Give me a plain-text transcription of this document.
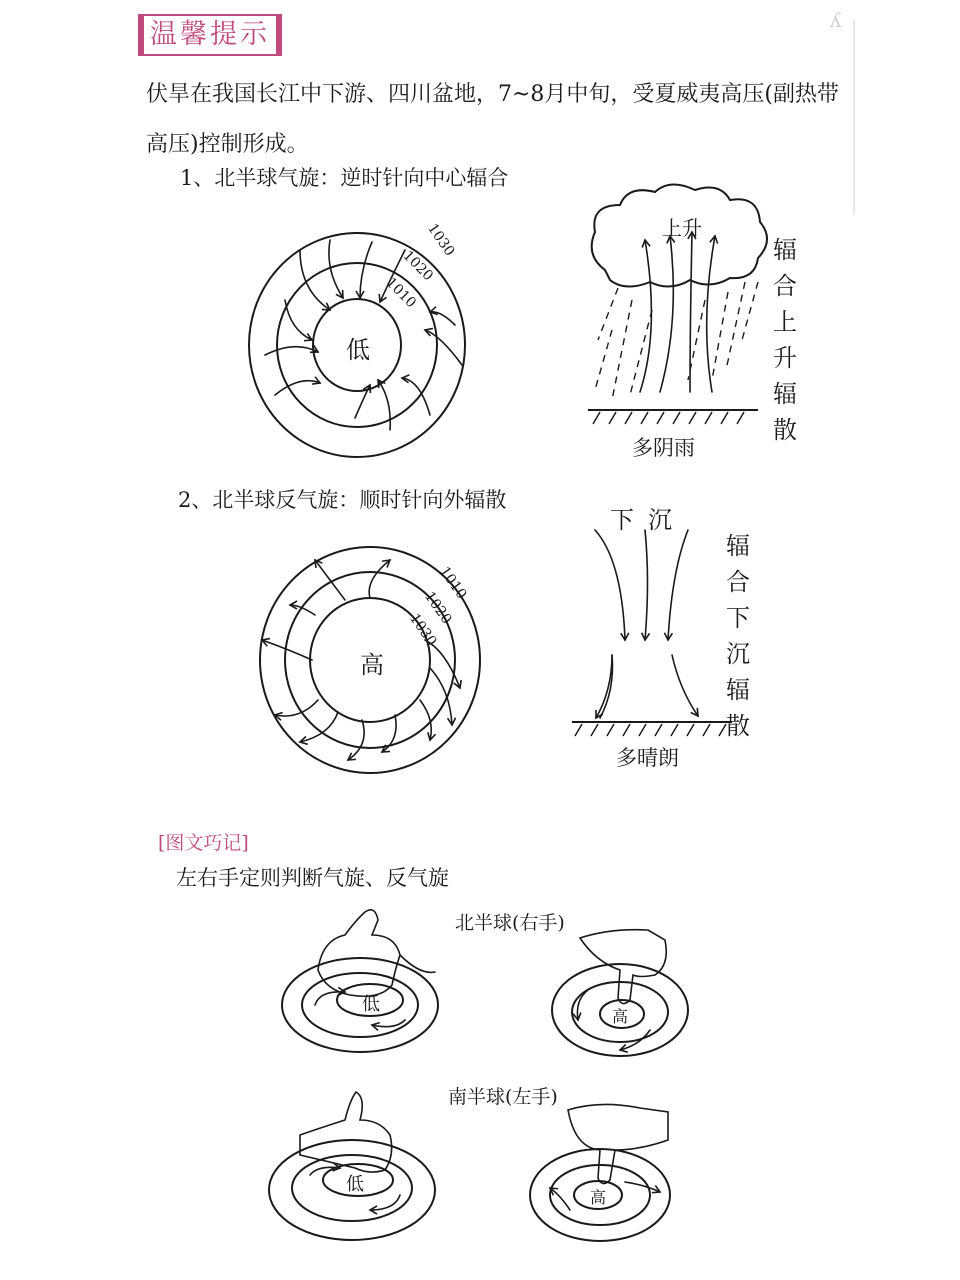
ʎ
温馨提示
伏旱在我国长江中下游、四川盆地，7~8月中旬，受夏威夷高压(副热带高压)控制形成。
1、北半球气旋：逆时针向中心辐合
2、北半球反气旋：顺时针向外辐散
1030
1020
1010
低
上升
辐
合
上
升
辐
散
多阴雨
1010
1020
1030
高
下沉
辐
合
下
沉
辐
散
多晴朗
[图文巧记]
左右手定则判断气旋、反气旋
北半球(右手)
南半球(左手)
低
高
低
高
